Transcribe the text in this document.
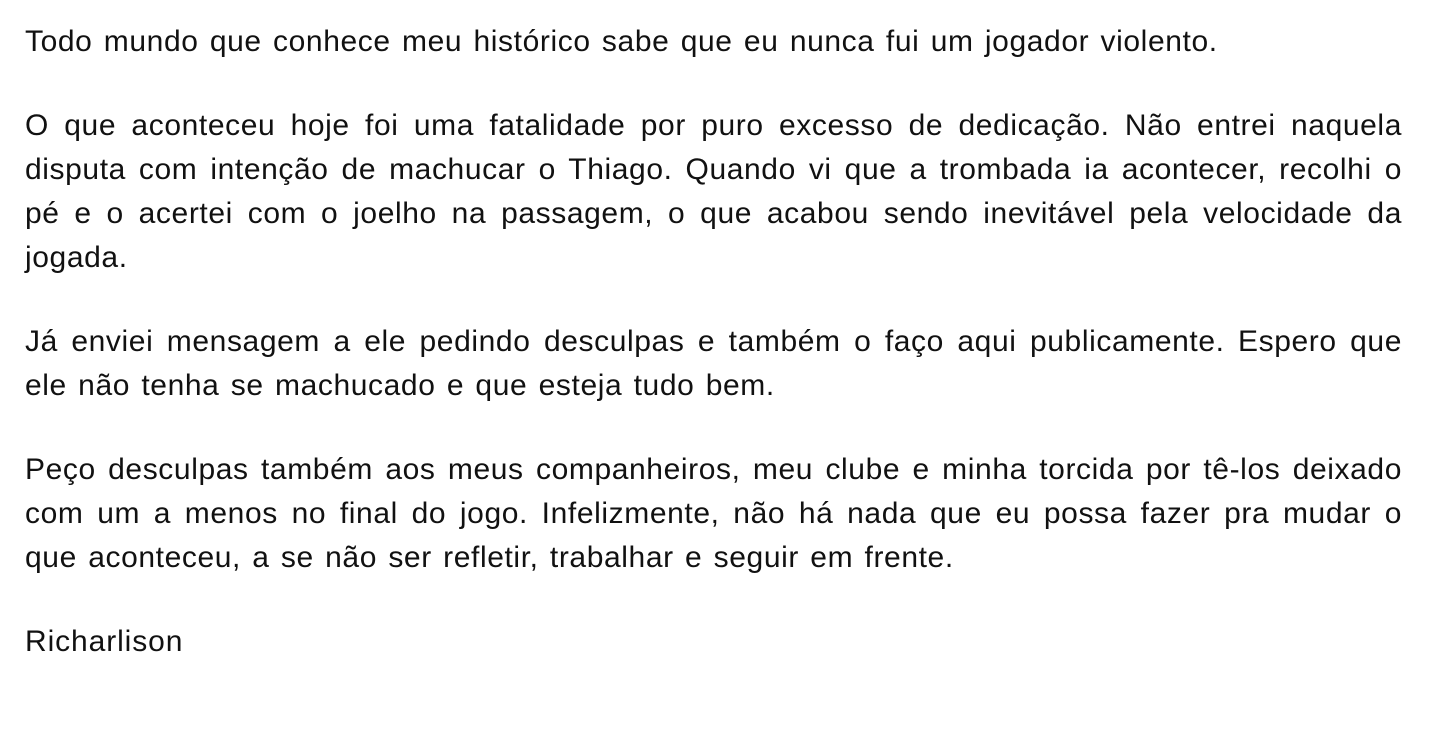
Todo mundo que conhece meu histórico sabe que eu nunca fui um jogador violento.

O que aconteceu hoje foi uma fatalidade por puro excesso de dedicação. Não entrei naquela disputa com intenção de machucar o Thiago. Quando vi que a trombada ia acontecer, recolhi o pé e o acertei com o joelho na passagem, o que acabou sendo inevitável pela velocidade da jogada.

Já enviei mensagem a ele pedindo desculpas e também o faço aqui publicamente. Espero que ele não tenha se machucado e que esteja tudo bem.

Peço desculpas também aos meus companheiros, meu clube e minha torcida por tê-los deixado com um a menos no final do jogo. Infelizmente, não há nada que eu possa fazer pra mudar o que aconteceu, a se não ser refletir, trabalhar e seguir em frente.

Richarlison
